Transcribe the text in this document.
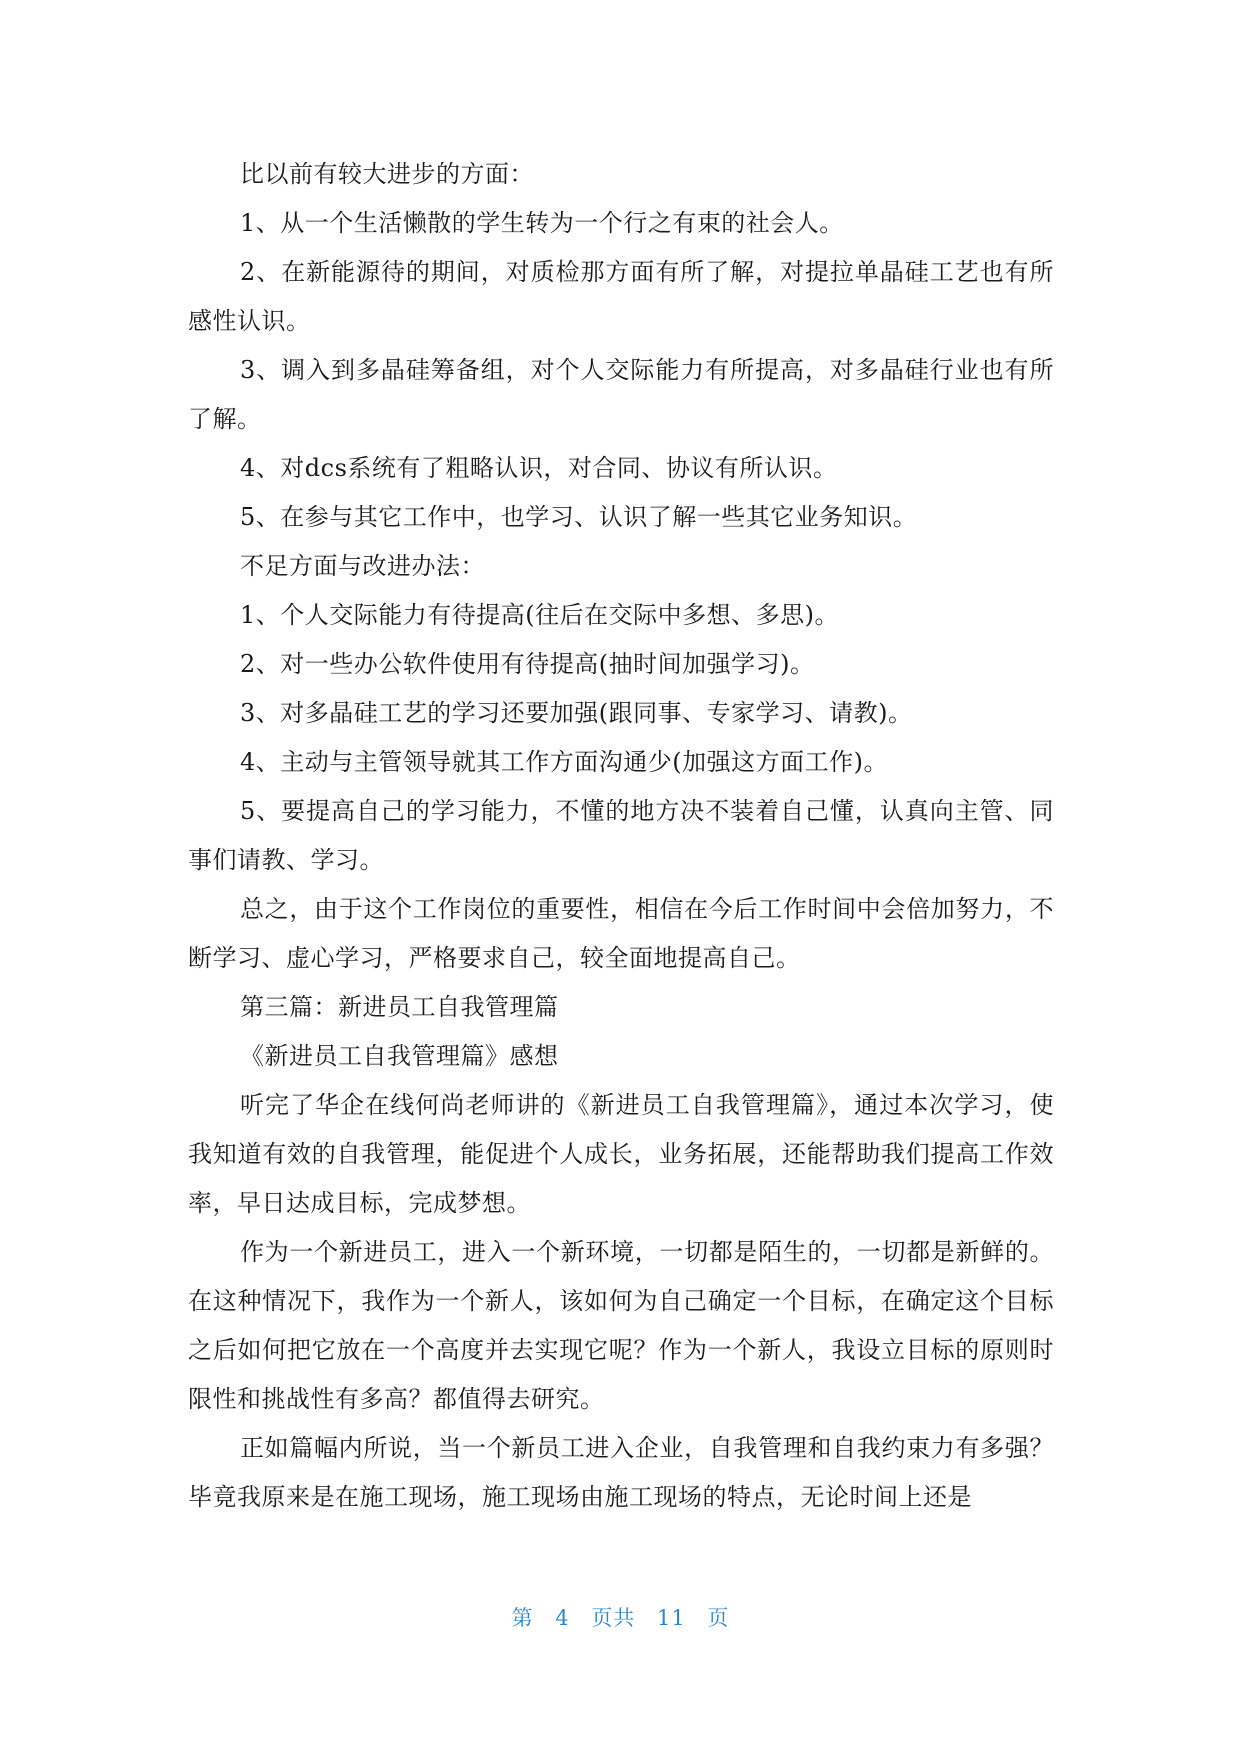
比以前有较大进步的方面：

1、从一个生活懒散的学生转为一个行之有束的社会人。

2、在新能源待的期间，对质检那方面有所了解，对提拉单晶硅工艺也有所感性认识。

3、调入到多晶硅筹备组，对个人交际能力有所提高，对多晶硅行业也有所了解。

4、对dcs系统有了粗略认识，对合同、协议有所认识。

5、在参与其它工作中，也学习、认识了解一些其它业务知识。

不足方面与改进办法：

1、个人交际能力有待提高(往后在交际中多想、多思)。

2、对一些办公软件使用有待提高(抽时间加强学习)。

3、对多晶硅工艺的学习还要加强(跟同事、专家学习、请教)。

4、主动与主管领导就其工作方面沟通少(加强这方面工作)。

5、要提高自己的学习能力，不懂的地方决不装着自己懂，认真向主管、同事们请教、学习。

总之，由于这个工作岗位的重要性，相信在今后工作时间中会倍加努力，不断学习、虚心学习，严格要求自己，较全面地提高自己。

第三篇：新进员工自我管理篇

《新进员工自我管理篇》感想

听完了华企在线何尚老师讲的《新进员工自我管理篇》，通过本次学习，使我知道有效的自我管理，能促进个人成长，业务拓展，还能帮助我们提高工作效率，早日达成目标，完成梦想。

作为一个新进员工，进入一个新环境，一切都是陌生的，一切都是新鲜的。在这种情况下，我作为一个新人，该如何为自己确定一个目标，在确定这个目标之后如何把它放在一个高度并去实现它呢？作为一个新人，我设立目标的原则时限性和挑战性有多高？都值得去研究。

正如篇幅内所说，当一个新员工进入企业，自我管理和自我约束力有多强？毕竟我原来是在施工现场，施工现场由施工现场的特点，无论时间上还是

第 4 页共 11 页
